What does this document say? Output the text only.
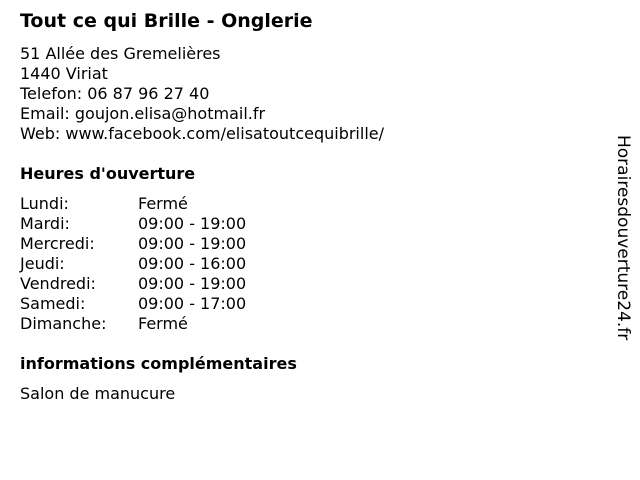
Tout ce qui Brille - Onglerie
51 Allée des Gremelières
1440 Viriat
Telefon: 06 87 96 27 40
Email: goujon.elisa@hotmail.fr
Web: www.facebook.com/elisatoutcequibrille/
Heures d'ouverture
Lundi:	Fermé
Mardi:	09:00 - 19:00
Mercredi:	09:00 - 19:00
Jeudi:	09:00 - 16:00
Vendredi:	09:00 - 19:00
Samedi:	09:00 - 17:00
Dimanche: Fermé
informations complémentaires
Salon de manucure
Horairesdouverture24.fr
